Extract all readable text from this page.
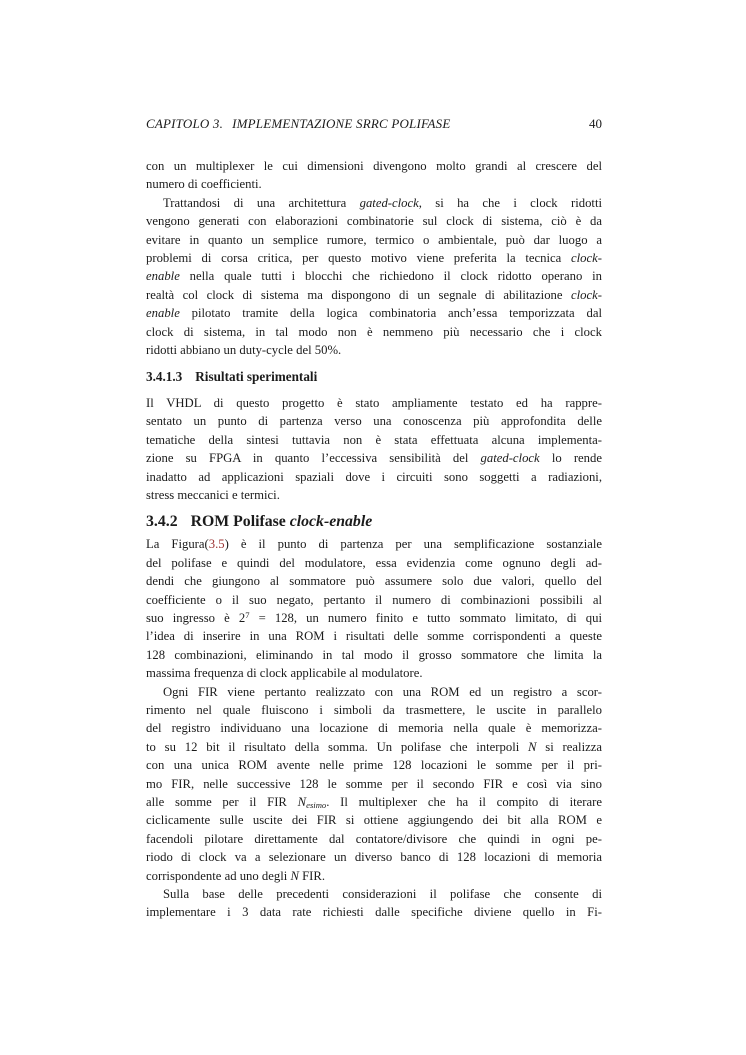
CAPITOLO 3. IMPLEMENTAZIONE SRRC POLIFASE	40
con un multiplexer le cui dimensioni divengono molto grandi al crescere del
numero di coefficienti.
Trattandosi di una architettura gated-clock, si ha che i clock ridotti
vengono generati con elaborazioni combinatorie sul clock di sistema, ciò è da
evitare in quanto un semplice rumore, termico o ambientale, può dar luogo a
problemi di corsa critica, per questo motivo viene preferita la tecnica clock-
enable nella quale tutti i blocchi che richiedono il clock ridotto operano in
realtà col clock di sistema ma dispongono di un segnale di abilitazione clock-
enable pilotato tramite della logica combinatoria anch’essa temporizzata dal
clock di sistema, in tal modo non è nemmeno più necessario che i clock
ridotti abbiano un duty-cycle del 50%.
3.4.1.3 Risultati sperimentali
Il VHDL di questo progetto è stato ampliamente testato ed ha rappre-
sentato un punto di partenza verso una conoscenza più approfondita delle
tematiche della sintesi tuttavia non è stata effettuata alcuna implementa-
zione su FPGA in quanto l’eccessiva sensibilità del gated-clock lo rende
inadatto ad applicazioni spaziali dove i circuiti sono soggetti a radiazioni,
stress meccanici e termici.
3.4.2 ROM Polifase clock-enable
La Figura(3.5) è il punto di partenza per una semplificazione sostanziale
del polifase e quindi del modulatore, essa evidenzia come ognuno degli ad-
dendi che giungono al sommatore può assumere solo due valori, quello del
coefficiente o il suo negato, pertanto il numero di combinazioni possibili al
suo ingresso è $2^7 = 128$, un numero finito e tutto sommato limitato, di qui
l’idea di inserire in una ROM i risultati delle somme corrispondenti a queste
128 combinazioni, eliminando in tal modo il grosso sommatore che limita la
massima frequenza di clock applicabile al modulatore.
Ogni FIR viene pertanto realizzato con una ROM ed un registro a scor-
rimento nel quale fluiscono i simboli da trasmettere, le uscite in parallelo
del registro individuano una locazione di memoria nella quale è memorizza-
to su 12 bit il risultato della somma. Un polifase che interpoli N si realizza
con una unica ROM avente nelle prime 128 locazioni le somme per il pri-
mo FIR, nelle successive 128 le somme per il secondo FIR e così via sino
alle somme per il FIR Nesimo. Il multiplexer che ha il compito di iterare
ciclicamente sulle uscite dei FIR si ottiene aggiungendo dei bit alla ROM e
facendoli pilotare direttamente dal contatore/divisore che quindi in ogni pe-
riodo di clock va a selezionare un diverso banco di 128 locazioni di memoria
corrispondente ad uno degli N FIR.
Sulla base delle precedenti considerazioni il polifase che consente di
implementare i 3 data rate richiesti dalle specifiche diviene quello in Fi-
